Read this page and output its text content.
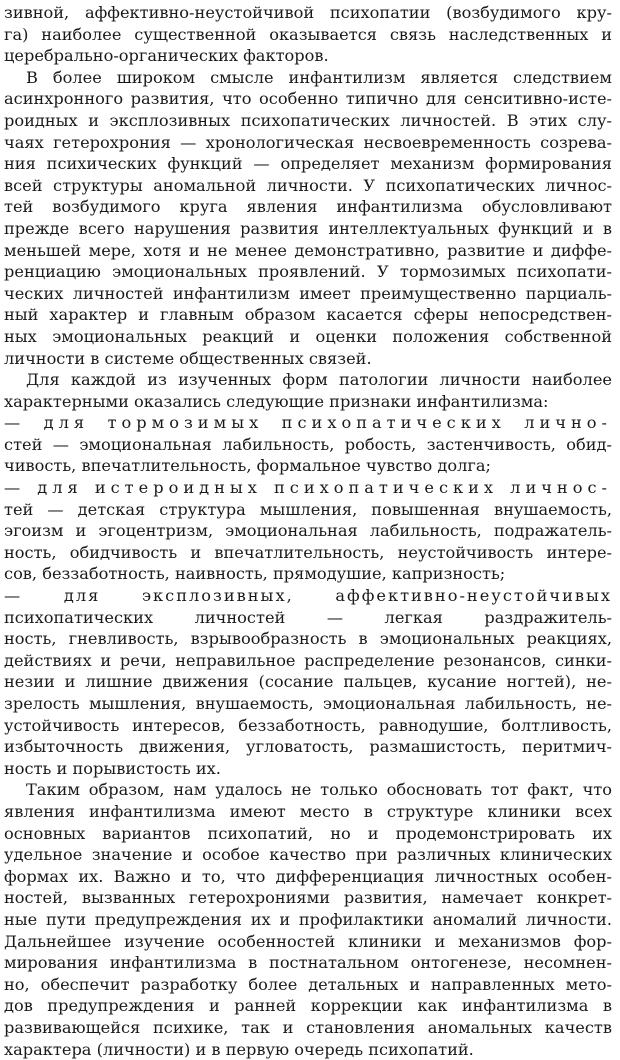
зивной, аффективно-неустойчивой психопатии (возбудимого кру-
га) наиболее существенной оказывается связь наследственных и
церебрально-органических факторов.
В более широком смысле инфантилизм является следствием
асинхронного развития, что особенно типично для сенситивно-исте-
роидных и эксплозивных психопатических личностей. В этих слу-
чаях гетерохрония — хронологическая несвоевременность созрева-
ния психических функций — определяет механизм формирования
всей структуры аномальной личности. У психопатических личнос-
тей возбудимого круга явления инфантилизма обусловливают
прежде всего нарушения развития интеллектуальных функций и в
меньшей мере, хотя и не менее демонстративно, развитие и диффе-
ренциацию эмоциональных проявлений. У тормозимых психопати-
ческих личностей инфантилизм имеет преимущественно парциаль-
ный характер и главным образом касается сферы непосредствен-
ных эмоциональных реакций и оценки положения собственной
личности в системе общественных связей.
Для каждой из изученных форм патологии личности наиболее
характерными оказались следующие признаки инфантилизма:
— для тормозимых психопатических лично-
стей — эмоциональная лабильность, робость, застенчивость, обид-
чивость, впечатлительность, формальное чувство долга;
— для истероидных психопатических личнос-
тей — детская структура мышления, повышенная внушаемость,
эгоизм и эгоцентризм, эмоциональная лабильность, подражатель-
ность, обидчивость и впечатлительность, неустойчивость интере-
сов, беззаботность, наивность, прямодушие, капризность;
— для эксплозивных, аффективно-неустойчивых
психопатических личностей — легкая раздражитель-
ность, гневливость, взрывообразность в эмоциональных реакциях,
действиях и речи, неправильное распределение резонансов, синки-
незии и лишние движения (сосание пальцев, кусание ногтей), не-
зрелость мышления, внушаемость, эмоциональная лабильность, не-
устойчивость интересов, беззаботность, равнодушие, болтливость,
избыточность движения, угловатость, размашистость, перитмич-
ность и порывистость их.
Таким образом, нам удалось не только обосновать тот факт, что
явления инфантилизма имеют место в структуре клиники всех
основных вариантов психопатий, но и продемонстрировать их
удельное значение и особое качество при различных клинических
формах их. Важно и то, что дифференциация личностных особен-
ностей, вызванных гетерохрониями развития, намечает конкрет-
ные пути предупреждения их и профилактики аномалий личности.
Дальнейшее изучение особенностей клиники и механизмов фор-
мирования инфантилизма в постнатальном онтогенезе, несомнен-
но, обеспечит разработку более детальных и направленных мето-
дов предупреждения и ранней коррекции как инфантилизма в
развивающейся психике, так и становления аномальных качеств
характера (личности) и в первую очередь психопатий.
